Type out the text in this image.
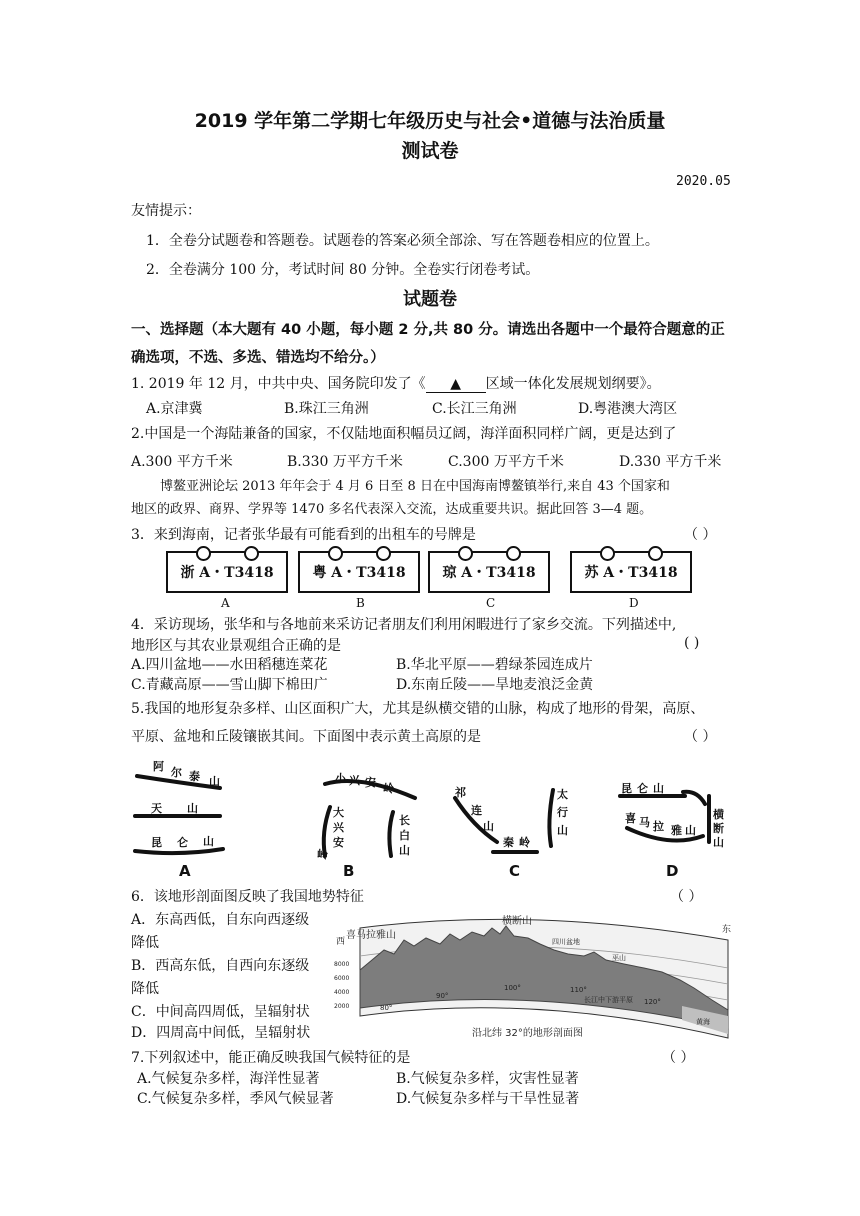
2019 学年第二学期七年级历史与社会•道德与法治质量
测试卷
2020.05
友情提示：
1．全卷分试题卷和答题卷。试题卷的答案必须全部涂、写在答题卷相应的位置上。
2．全卷满分 100 分，考试时间 80 分钟。全卷实行闭卷考试。
试题卷
一、选择题（本大题有 40 小题，每小题 2 分,共 80 分。请选出各题中一个最符合题意的正
确选项，不选、多选、错选均不给分。）
1. 2019 年 12 月，中共中央、国务院印发了《 ▲ 区域一体化发展规划纲要》。
A.京津冀	B.珠江三角洲	C.长江三角洲	D.粤港澳大湾区
2.中国是一个海陆兼备的国家，不仅陆地面积幅员辽阔，海洋面积同样广阔，更是达到了
A.300 平方千米	B.330 万平方千米	C.300 万平方千米	D.330 平方千米
博鳌亚洲论坛 2013 年年会于 4 月 6 日至 8 日在中国海南博鳌镇举行,来自 43 个国家和
地区的政界、商界、学界等 1470 多名代表深入交流，达成重要共识。据此回答 3—4 题。
3．来到海南，记者张华最有可能看到的出租车的号牌是	（ ）
浙 A・T3418	粤 A・T3418	琼 A・T3418	苏 A・T3418
A	B	C	D
4．采访现场，张华和与各地前来采访记者朋友们利用闲暇进行了家乡交流。下列描述中,
地形区与其农业景观组合正确的是	( )
A.四川盆地——水田稻穗连菜花	B.华北平原——碧绿茶园连成片
C.青藏高原——雪山脚下棉田广	D.东南丘陵——旱地麦浪泛金黄
5.我国的地形复杂多样、山区面积广大，尤其是纵横交错的山脉，构成了地形的骨架，高原、
平原、盆地和丘陵镶嵌其间。下面图中表示黄土高原的是	（ ）
阿 尔 泰 山
天 山
昆 仑 山
小 兴 安 岭
大
兴
安
岭
长
白
山
祁
连
山
秦 岭
太
行
山
昆 仑 山
喜 马 拉 雅 山
横
断
山
A	B	C	D
6．该地形剖面图反映了我国地势特征	（ ）
A．东高西低，自东向西逐级
降低
B．西高东低，自西向东逐级
降低
C．中间高四周低，呈辐射状
D．四周高中间低，呈辐射状
西
东
喜马拉雅山
横断山
四川盆地
巫山
长江中下游平原
黄海
8000
6000
4000
2000	80°
90°
100°	110°
120°
沿北纬 32°的地形剖面图
7.下列叙述中，能正确反映我国气候特征的是	（ ）
A.气候复杂多样，海洋性显著	B.气候复杂多样，灾害性显著
C.气候复杂多样，季风气候显著	D.气候复杂多样与干旱性显著
